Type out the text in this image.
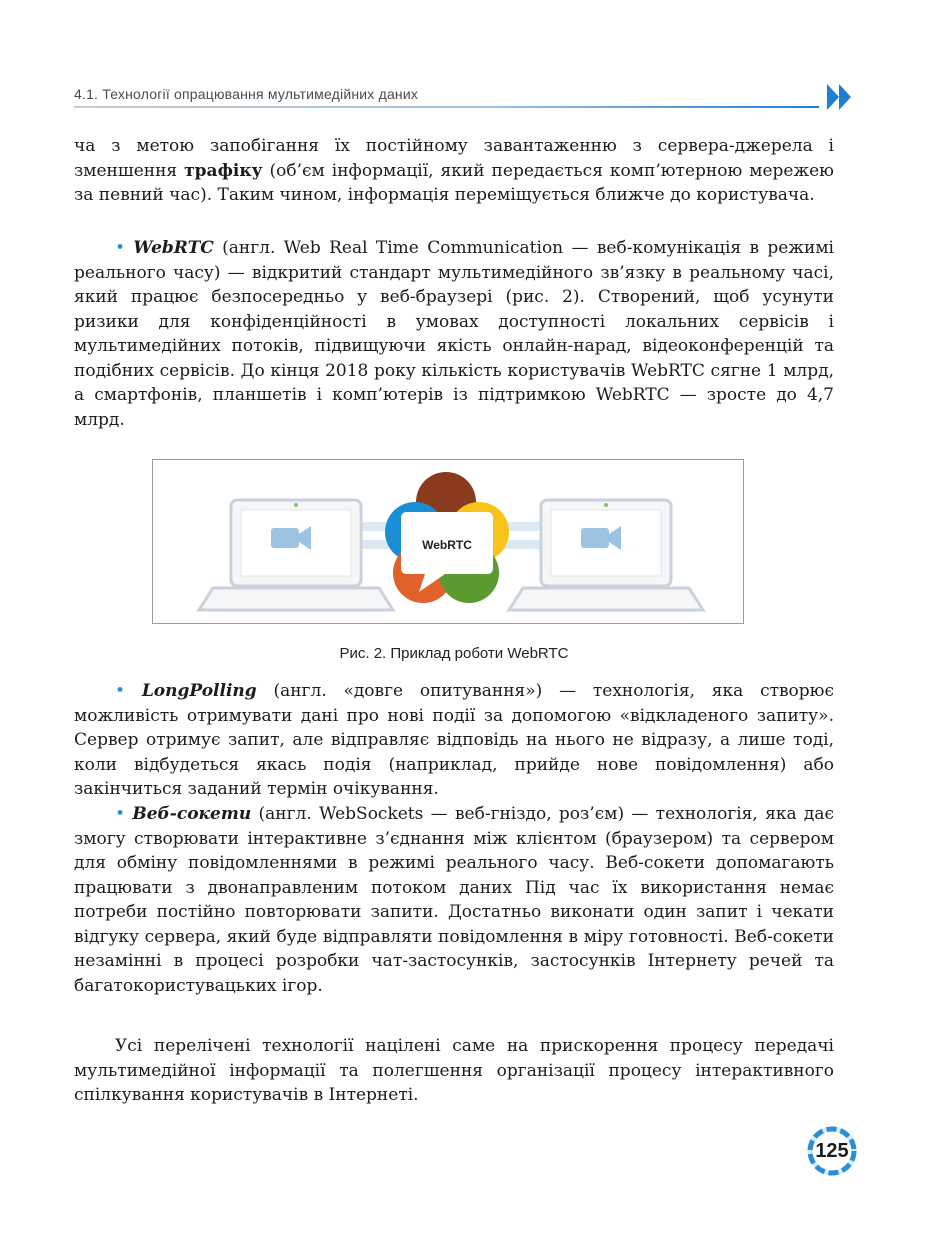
4.1. Технології опрацювання мультимедійних даних

ча з метою запобігання їх постійному завантаженню з сервера-джерела і зменшення трафіку (об’єм інформації, який передається комп’ютерною мережею за певний час). Таким чином, інформація переміщується ближче до користувача.

• WebRTC (англ. Web Real Time Communication — веб-комунікація в режимі реального часу) — відкритий стандарт мультимедійного зв’язку в реальному часі, який працює безпосередньо у веб-браузері (рис. 2). Створений, щоб усунути ризики для конфіденційності в умовах доступності локальних сервісів і мультимедійних потоків, підвищуючи якість онлайн-нарад, відеоконференцій та подібних сервісів. До кінця 2018 року кількість користувачів WebRTC сягне 1 млрд, а смартфонів, планшетів і комп’ютерів із підтримкою WebRTC — зросте до 4,7 млрд.

WebRTC
Рис. 2. Приклад роботи WebRTC

• LongPolling (англ. «довге опитування») — технологія, яка створює можливість отримувати дані про нові події за допомогою «відкладеного запиту». Сервер отримує запит, але відправляє відповідь на нього не відразу, а лише тоді, коли відбудеться якась подія (наприклад, прийде нове повідомлення) або закінчиться заданий термін очікування.

• Веб-сокети (англ. WebSockets — веб-гніздо, роз’єм) — технологія, яка дає змогу створювати інтерактивне з’єднання між клієнтом (браузером) та сервером для обміну повідомленнями в режимі реального часу. Веб-сокети допомагають працювати з двонаправленим потоком даних Під час їх використання немає потреби постійно повторювати запити. Достатньо виконати один запит і чекати відгуку сервера, який буде відправляти повідомлення в міру готовності. Веб-сокети незамінні в процесі розробки чат-застосунків, застосунків Інтернету речей та багатокористувацьких ігор.

Усі перелічені технології націлені саме на прискорення процесу передачі мультимедійної інформації та полегшення організації процесу інтерактивного спілкування користувачів в Інтернеті.

125
